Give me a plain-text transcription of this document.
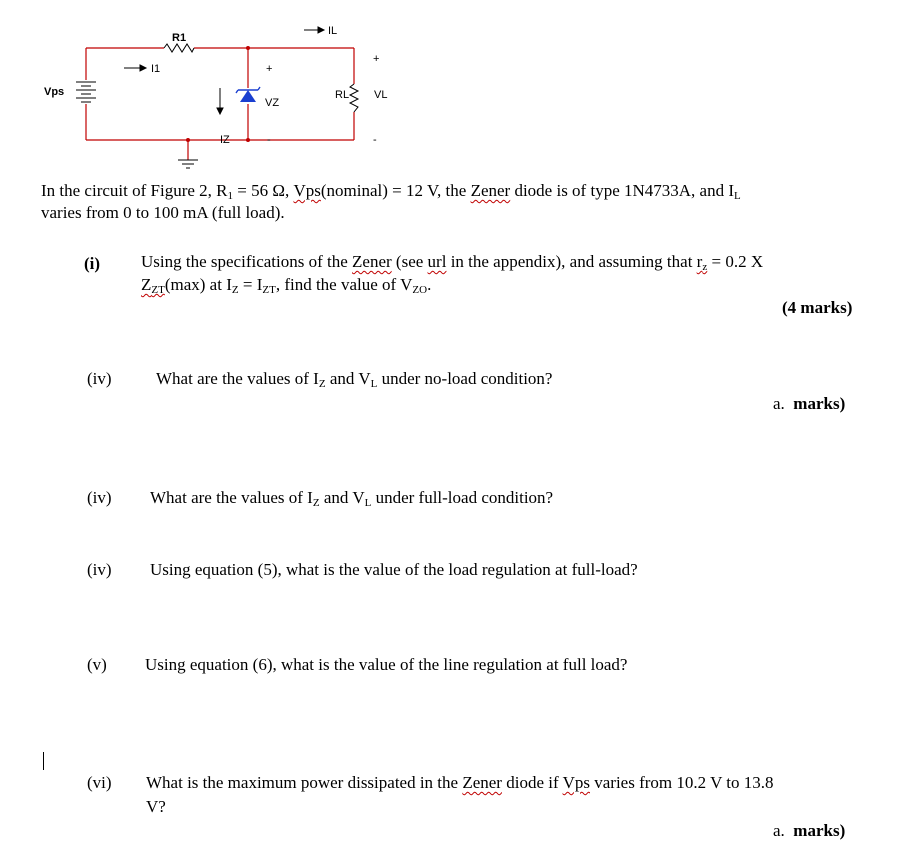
R1
I1
Vps
IL
RL VL
VZ
IZ
+
-
+
-
In the circuit of Figure 2, $R_1 = 56$ Ω, Vps(nominal) = 12 V, the Zener diode is of type 1N4733A, and $I_L$
varies from 0 to 100 mA (full load).
(i) Using the specifications of the Zener (see url in the appendix), and assuming that $r_z = 0.2$ X
$Z_{ZT}(\max)$ at $I_Z = I_{ZT}$, find the value of $V_{ZO}$.
(4 marks)
(iv)	What are the values of $I_Z$ and $V_L$ under no-load condition?
a. marks)
(iv) What are the values of $I_Z$ and $V_L$ under full-load condition?
(iv) Using equation (5), what is the value of the load regulation at full-load?
(v) Using equation (6), what is the value of the line regulation at full load?
(vi) What is the maximum power dissipated in the Zener diode if Vps varies from 10.2 V to 13.8
V?
a. marks)
